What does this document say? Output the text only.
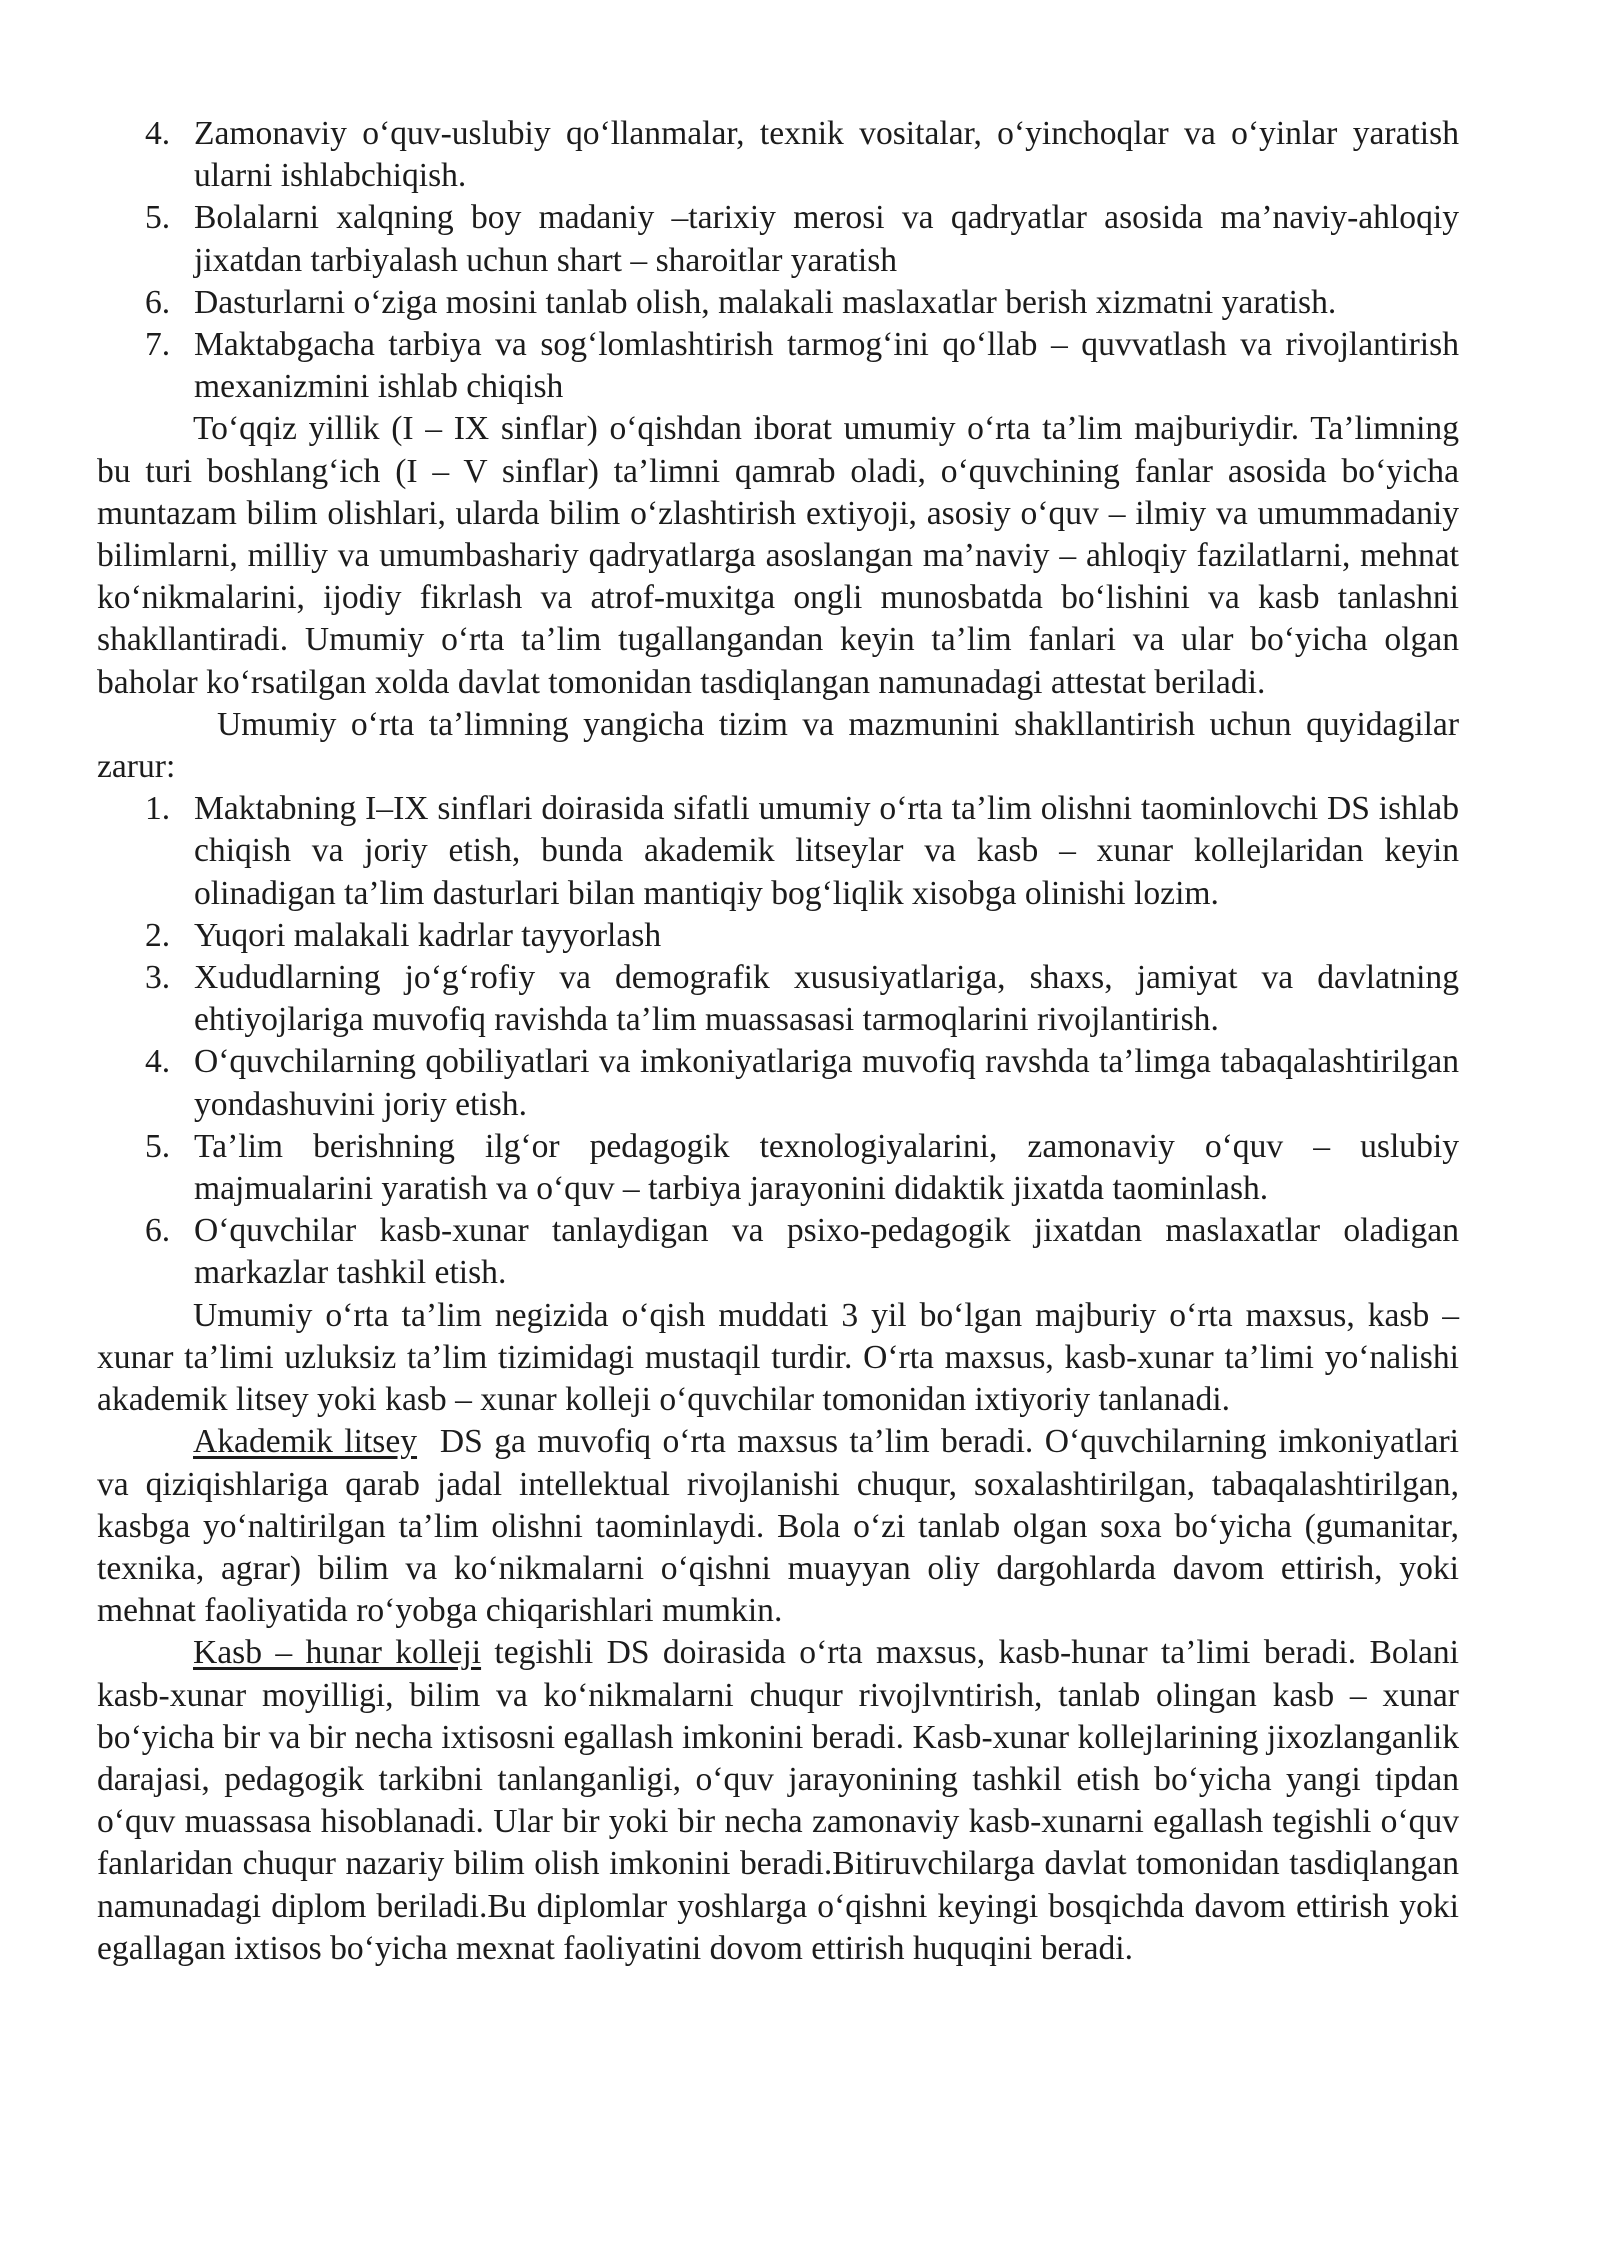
4. Zamonaviy o‘quv-uslubiy qo‘llanmalar, texnik vositalar, o‘yinchoqlar va o‘yinlar yaratish ularni ishlabchiqish.
5. Bolalarni xalqning boy madaniy –tarixiy merosi va qadryatlar asosida ma’naviy-ahloqiy jixatdan tarbiyalash uchun shart – sharoitlar yaratish
6. Dasturlarni o‘ziga mosini tanlab olish, malakali maslaxatlar berish xizmatni yaratish.
7. Maktabgacha tarbiya va sog‘lomlashtirish tarmog‘ini qo‘llab – quvvatlash va rivojlantirish mexanizmini ishlab chiqish

To‘qqiz yillik (I – IX sinflar) o‘qishdan iborat umumiy o‘rta ta’lim majburiydir. Ta’limning bu turi boshlang‘ich (I – V sinflar) ta’limni qamrab oladi, o‘quvchining fanlar asosida bo‘yicha muntazam bilim olishlari, ularda bilim o‘zlashtirish extiyoji, asosiy o‘quv – ilmiy va umummadaniy bilimlarni, milliy va umumbashariy qadryatlarga asoslangan ma’naviy – ahloqiy fazilatlarni, mehnat ko‘nikmalarini, ijodiy fikrlash va atrof-muxitga ongli munosbatda bo‘lishini va kasb tanlashni shakllantiradi. Umumiy o‘rta ta’lim tugallangandan keyin ta’lim fanlari va ular bo‘yicha olgan baholar ko‘rsatilgan xolda davlat tomonidan tasdiqlangan namunadagi attestat beriladi.

Umumiy o‘rta ta’limning yangicha tizim va mazmunini shakllantirish uchun quyidagilar zarur:

1. Maktabning I–IX sinflari doirasida sifatli umumiy o‘rta ta’lim olishni taominlovchi DS ishlab chiqish va joriy etish, bunda akademik litseylar va kasb – xunar kollejlaridan keyin olinadigan ta’lim dasturlari bilan mantiqiy bog‘liqlik xisobga olinishi lozim.
2. Yuqori malakali kadrlar tayyorlash
3. Xududlarning jo‘g‘rofiy va demografik xususiyatlariga, shaxs, jamiyat va davlatning ehtiyojlariga muvofiq ravishda ta’lim muassasasi tarmoqlarini rivojlantirish.
4. O‘quvchilarning qobiliyatlari va imkoniyatlariga muvofiq ravshda ta’limga tabaqalashtirilgan yondashuvini joriy etish.
5. Ta’lim berishning ilg‘or pedagogik texnologiyalarini, zamonaviy o‘quv – uslubiy majmualarini yaratish va o‘quv – tarbiya jarayonini didaktik jixatda taominlash.
6. O‘quvchilar kasb-xunar tanlaydigan va psixo-pedagogik jixatdan maslaxatlar oladigan markazlar tashkil etish.

Umumiy o‘rta ta’lim negizida o‘qish muddati 3 yil bo‘lgan majburiy o‘rta maxsus, kasb – xunar ta’limi uzluksiz ta’lim tizimidagi mustaqil turdir. O‘rta maxsus, kasb-xunar ta’limi yo‘nalishi akademik litsey yoki kasb – xunar kolleji o‘quvchilar tomonidan ixtiyoriy tanlanadi.

Akademik litsey  DS ga muvofiq o‘rta maxsus ta’lim beradi. O‘quvchilarning imkoniyatlari va qiziqishlariga qarab jadal intellektual rivojlanishi chuqur, soxalashtirilgan, tabaqalashtirilgan, kasbga yo‘naltirilgan ta’lim olishni taominlaydi. Bola o‘zi tanlab olgan soxa bo‘yicha (gumanitar, texnika, agrar) bilim va ko‘nikmalarni o‘qishni muayyan oliy dargohlarda davom ettirish, yoki mehnat faoliyatida ro‘yobga chiqarishlari mumkin.

Kasb – hunar kolleji tegishli DS doirasida o‘rta maxsus, kasb-hunar ta’limi beradi. Bolani kasb-xunar moyilligi, bilim va ko‘nikmalarni chuqur rivojlvntirish, tanlab olingan kasb – xunar bo‘yicha bir va bir necha ixtisosni egallash imkonini beradi. Kasb-xunar kollejlarining jixozlanganlik darajasi, pedagogik tarkibni tanlanganligi, o‘quv jarayonining tashkil etish bo‘yicha yangi tipdan o‘quv muassasa hisoblanadi. Ular bir yoki bir necha zamonaviy kasb-xunarni egallash tegishli o‘quv fanlaridan chuqur nazariy bilim olish imkonini beradi.Bitiruvchilarga davlat tomonidan tasdiqlangan namunadagi diplom beriladi.Bu diplomlar yoshlarga o‘qishni keyingi bosqichda davom ettirish yoki egallagan ixtisos bo‘yicha mexnat faoliyatini dovom ettirish huquqini beradi.
